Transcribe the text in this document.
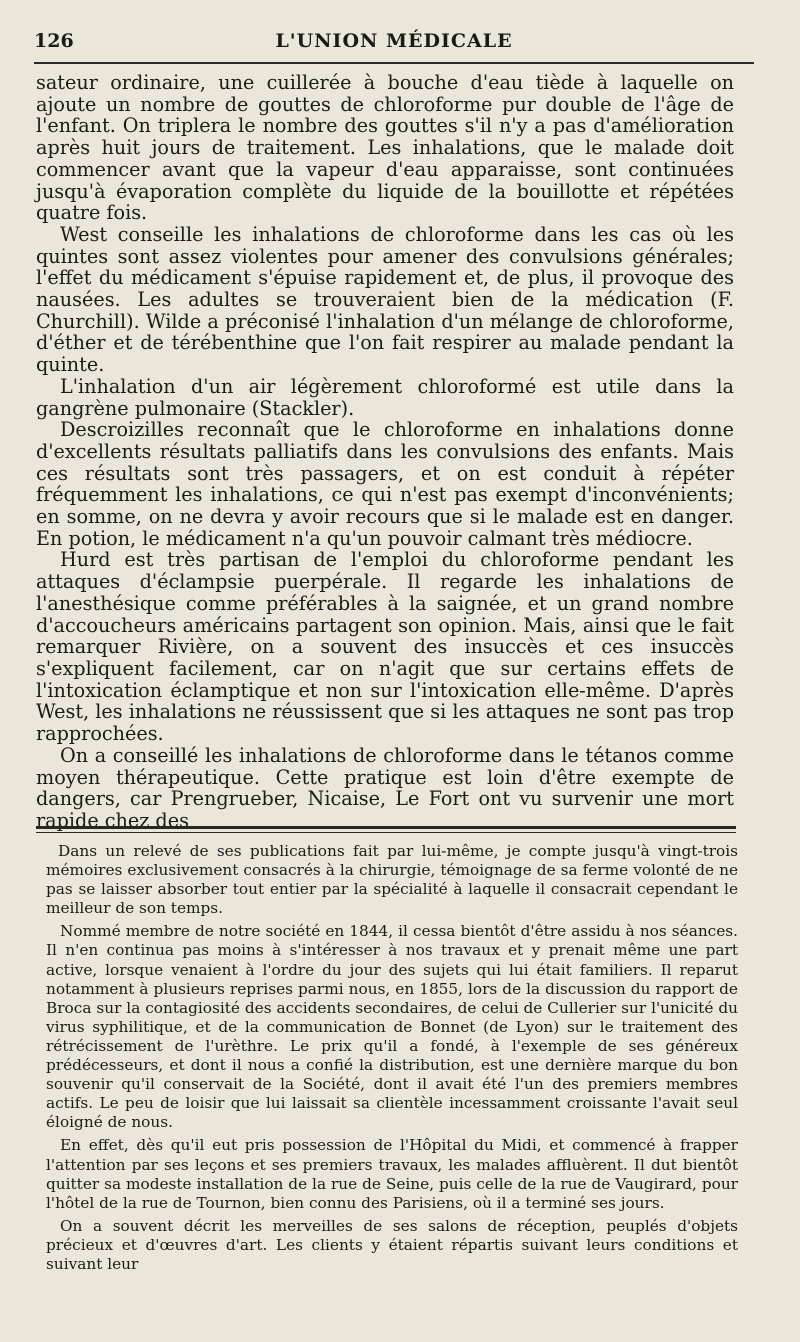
126	L'UNION MÉDICALE

sateur ordinaire, une cuillerée à bouche d'eau tiède à laquelle on ajoute un nombre de gouttes de chloroforme pur double de l'âge de l'enfant. On triplera le nombre des gouttes s'il n'y a pas d'amélioration après huit jours de traitement. Les inhalations, que le malade doit commencer avant que la vapeur d'eau apparaisse, sont continuées jusqu'à évaporation complète du liquide de la bouillotte et répétées quatre fois.

West conseille les inhalations de chloroforme dans les cas où les quintes sont assez violentes pour amener des convulsions générales; l'effet du médicament s'épuise rapidement et, de plus, il provoque des nausées. Les adultes se trouveraient bien de la médication (F. Churchill). Wilde a préconisé l'inhalation d'un mélange de chloroforme, d'éther et de térébenthine que l'on fait respirer au malade pendant la quinte.

L'inhalation d'un air légèrement chloroformé est utile dans la gangrène pulmonaire (Stackler).

Descroizilles reconnaît que le chloroforme en inhalations donne d'excellents résultats palliatifs dans les convulsions des enfants. Mais ces résultats sont très passagers, et on est conduit à répéter fréquemment les inhalations, ce qui n'est pas exempt d'inconvénients; en somme, on ne devra y avoir recours que si le malade est en danger. En potion, le médicament n'a qu'un pouvoir calmant très médiocre.

Hurd est très partisan de l'emploi du chloroforme pendant les attaques d'éclampsie puerpérale. Il regarde les inhalations de l'anesthésique comme préférables à la saignée, et un grand nombre d'accoucheurs américains partagent son opinion. Mais, ainsi que le fait remarquer Rivière, on a souvent des insuccès et ces insuccès s'expliquent facilement, car on n'agit que sur certains effets de l'intoxication éclamptique et non sur l'intoxication elle-même. D'après West, les inhalations ne réussissent que si les attaques ne sont pas trop rapprochées.

On a conseillé les inhalations de chloroforme dans le tétanos comme moyen thérapeutique. Cette pratique est loin d'être exempte de dangers, car Prengrueber, Nicaise, Le Fort ont vu survenir une mort rapide chez des

Dans un relevé de ses publications fait par lui-même, je compte jusqu'à vingt-trois mémoires exclusivement consacrés à la chirurgie, témoignage de sa ferme volonté de ne pas se laisser absorber tout entier par la spécialité à laquelle il consacrait cependant le meilleur de son temps.

Nommé membre de notre société en 1844, il cessa bientôt d'être assidu à nos séances. Il n'en continua pas moins à s'intéresser à nos travaux et y prenait même une part active, lorsque venaient à l'ordre du jour des sujets qui lui était familiers. Il reparut notamment à plusieurs reprises parmi nous, en 1855, lors de la discussion du rapport de Broca sur la contagiosité des accidents secondaires, de celui de Cullerier sur l'unicité du virus syphilitique, et de la communication de Bonnet (de Lyon) sur le traitement des rétrécissement de l'urèthre. Le prix qu'il a fondé, à l'exemple de ses généreux prédécesseurs, et dont il nous a confié la distribution, est une dernière marque du bon souvenir qu'il conservait de la Société, dont il avait été l'un des premiers membres actifs. Le peu de loisir que lui laissait sa clientèle incessamment croissante l'avait seul éloigné de nous.

En effet, dès qu'il eut pris possession de l'Hôpital du Midi, et commencé à frapper l'attention par ses leçons et ses premiers travaux, les malades affluèrent. Il dut bientôt quitter sa modeste installation de la rue de Seine, puis celle de la rue de Vaugirard, pour l'hôtel de la rue de Tournon, bien connu des Parisiens, où il a terminé ses jours.

On a souvent décrit les merveilles de ses salons de réception, peuplés d'objets précieux et d'œuvres d'art. Les clients y étaient répartis suivant leurs conditions et suivant leur
